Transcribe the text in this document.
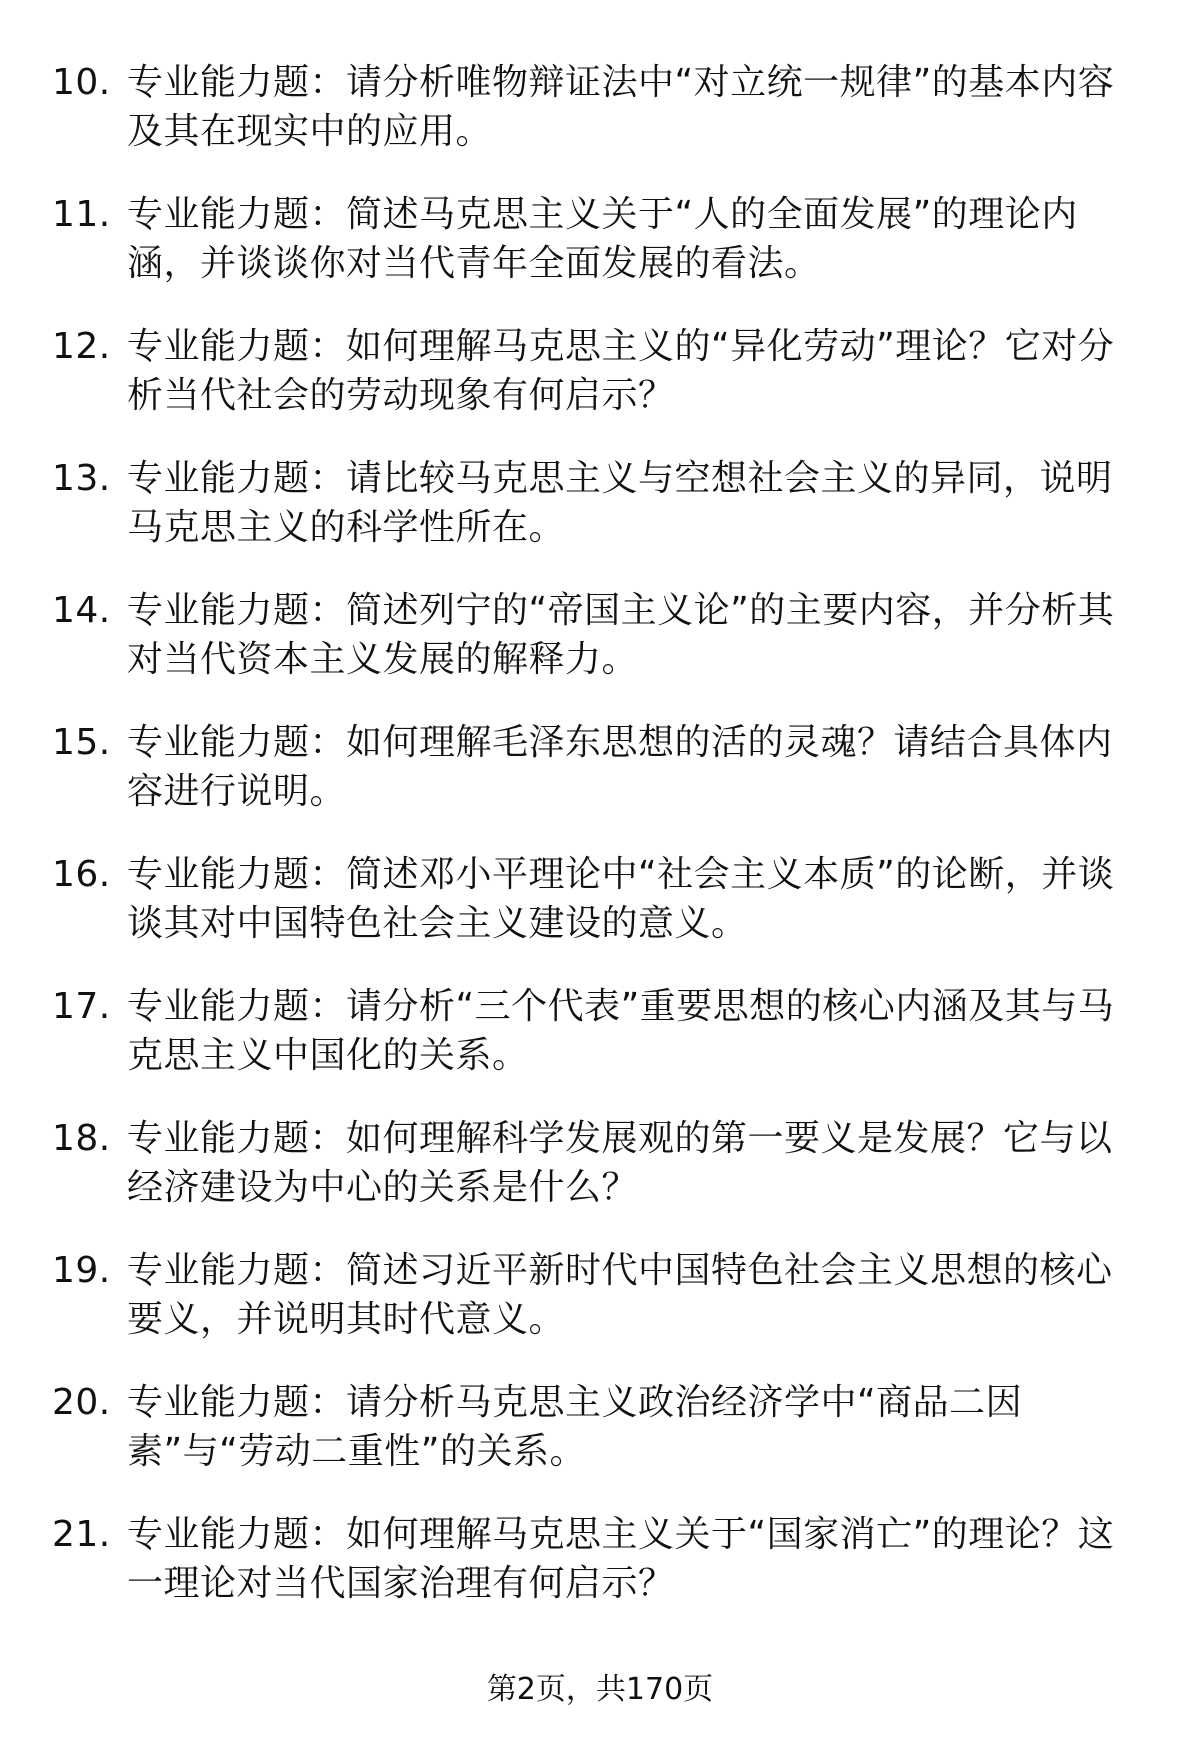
10. 专业能力题：请分析唯物辩证法中“对立统一规律”的基本内容及其在现实中的应用。
11. 专业能力题：简述马克思主义关于“人的全面发展”的理论内涵，并谈谈你对当代青年全面发展的看法。
12. 专业能力题：如何理解马克思主义的“异化劳动”理论？它对分析当代社会的劳动现象有何启示？
13. 专业能力题：请比较马克思主义与空想社会主义的异同，说明马克思主义的科学性所在。
14. 专业能力题：简述列宁的“帝国主义论”的主要内容，并分析其对当代资本主义发展的解释力。
15. 专业能力题：如何理解毛泽东思想的活的灵魂？请结合具体内容进行说明。
16. 专业能力题：简述邓小平理论中“社会主义本质”的论断，并谈谈其对中国特色社会主义建设的意义。
17. 专业能力题：请分析“三个代表”重要思想的核心内涵及其与马克思主义中国化的关系。
18. 专业能力题：如何理解科学发展观的第一要义是发展？它与以经济建设为中心的关系是什么？
19. 专业能力题：简述习近平新时代中国特色社会主义思想的核心要义，并说明其时代意义。
20. 专业能力题：请分析马克思主义政治经济学中“商品二因素”与“劳动二重性”的关系。
21. 专业能力题：如何理解马克思主义关于“国家消亡”的理论？这一理论对当代国家治理有何启示？
第2页，共170页
